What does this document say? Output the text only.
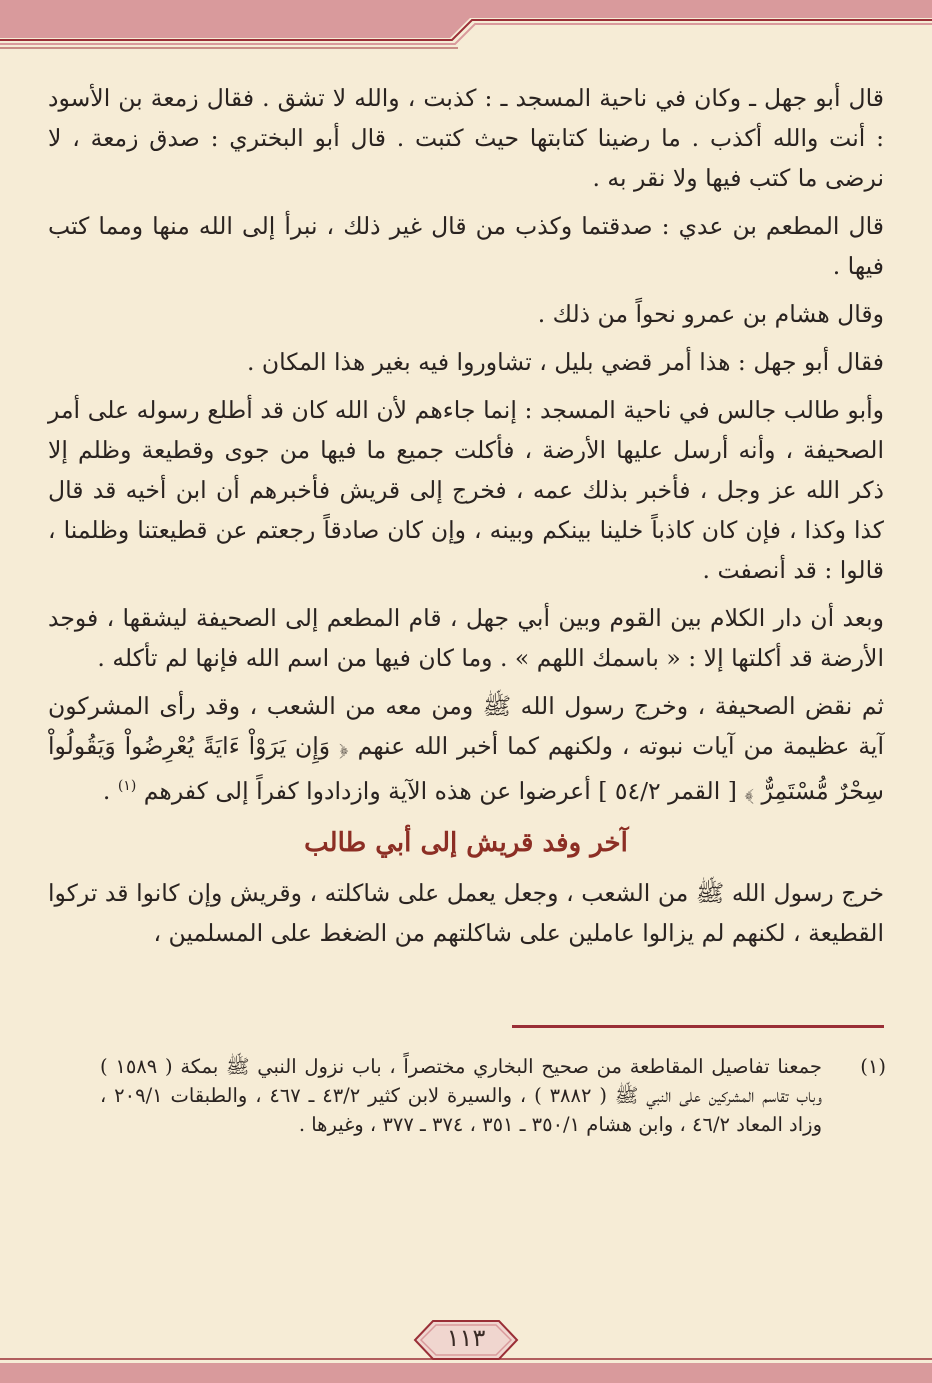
قال أبو جهل ـ وكان في ناحية المسجد ـ : كذبت ، والله لا تشق . فقال زمعة بن الأسود : أنت والله أكذب . ما رضينا كتابتها حيث كتبت . قال أبو البختري : صدق زمعة ، لا نرضى ما كتب فيها ولا نقر به .

قال المطعم بن عدي : صدقتما وكذب من قال غير ذلك ، نبرأ إلى الله منها ومما كتب فيها .

وقال هشام بن عمرو نحواً من ذلك .

فقال أبو جهل : هذا أمر قضي بليل ، تشاوروا فيه بغير هذا المكان .

وأبو طالب جالس في ناحية المسجد : إنما جاءهم لأن الله كان قد أطلع رسوله على أمر الصحيفة ، وأنه أرسل عليها الأرضة ، فأكلت جميع ما فيها من جوى وقطيعة وظلم إلا ذكر الله عز وجل ، فأخبر بذلك عمه ، فخرج إلى قريش فأخبرهم أن ابن أخيه قد قال كذا وكذا ، فإن كان كاذباً خلينا بينكم وبينه ، وإن كان صادقاً رجعتم عن قطيعتنا وظلمنا ، قالوا : قد أنصفت .

وبعد أن دار الكلام بين القوم وبين أبي جهل ، قام المطعم إلى الصحيفة ليشقها ، فوجد الأرضة قد أكلتها إلا : « باسمك اللهم » . وما كان فيها من اسم الله فإنها لم تأكله .

ثم نقض الصحيفة ، وخرج رسول الله ﷺ ومن معه من الشعب ، وقد رأى المشركون آية عظيمة من آيات نبوته ، ولكنهم كما أخبر الله عنهم ﴿ وَإِن يَرَوْاْ ءَايَةً يُعْرِضُواْ وَيَقُولُواْ سِحْرٌ مُّسْتَمِرٌّ ﴾ [ القمر ٥٤/٢ ] أعرضوا عن هذه الآية وازدادوا كفراً إلى كفرهم $^{(١)}$ .

آخر وفد قريش إلى أبي طالب

خرج رسول الله ﷺ من الشعب ، وجعل يعمل على شاكلته ، وقريش وإن كانوا قد تركوا القطيعة ، لكنهم لم يزالوا عاملين على شاكلتهم من الضغط على المسلمين ،

(١)
جمعنا تفاصيل المقاطعة من صحيح البخاري مختصراً ، باب نزول النبي ﷺ بمكة ( ١٥٨٩ ) وباب تقاسم المشركين على النبي ﷺ ( ٣٨٨٢ ) ، والسيرة لابن كثير ٤٣/٢ ـ ٤٦٧ ، والطبقات ٢٠٩/١ ، وزاد المعاد ٤٦/٢ ، وابن هشام ٣٥٠/١ ـ ٣٥١ ، ٣٧٤ ـ ٣٧٧ ، وغيرها .
١١٣
